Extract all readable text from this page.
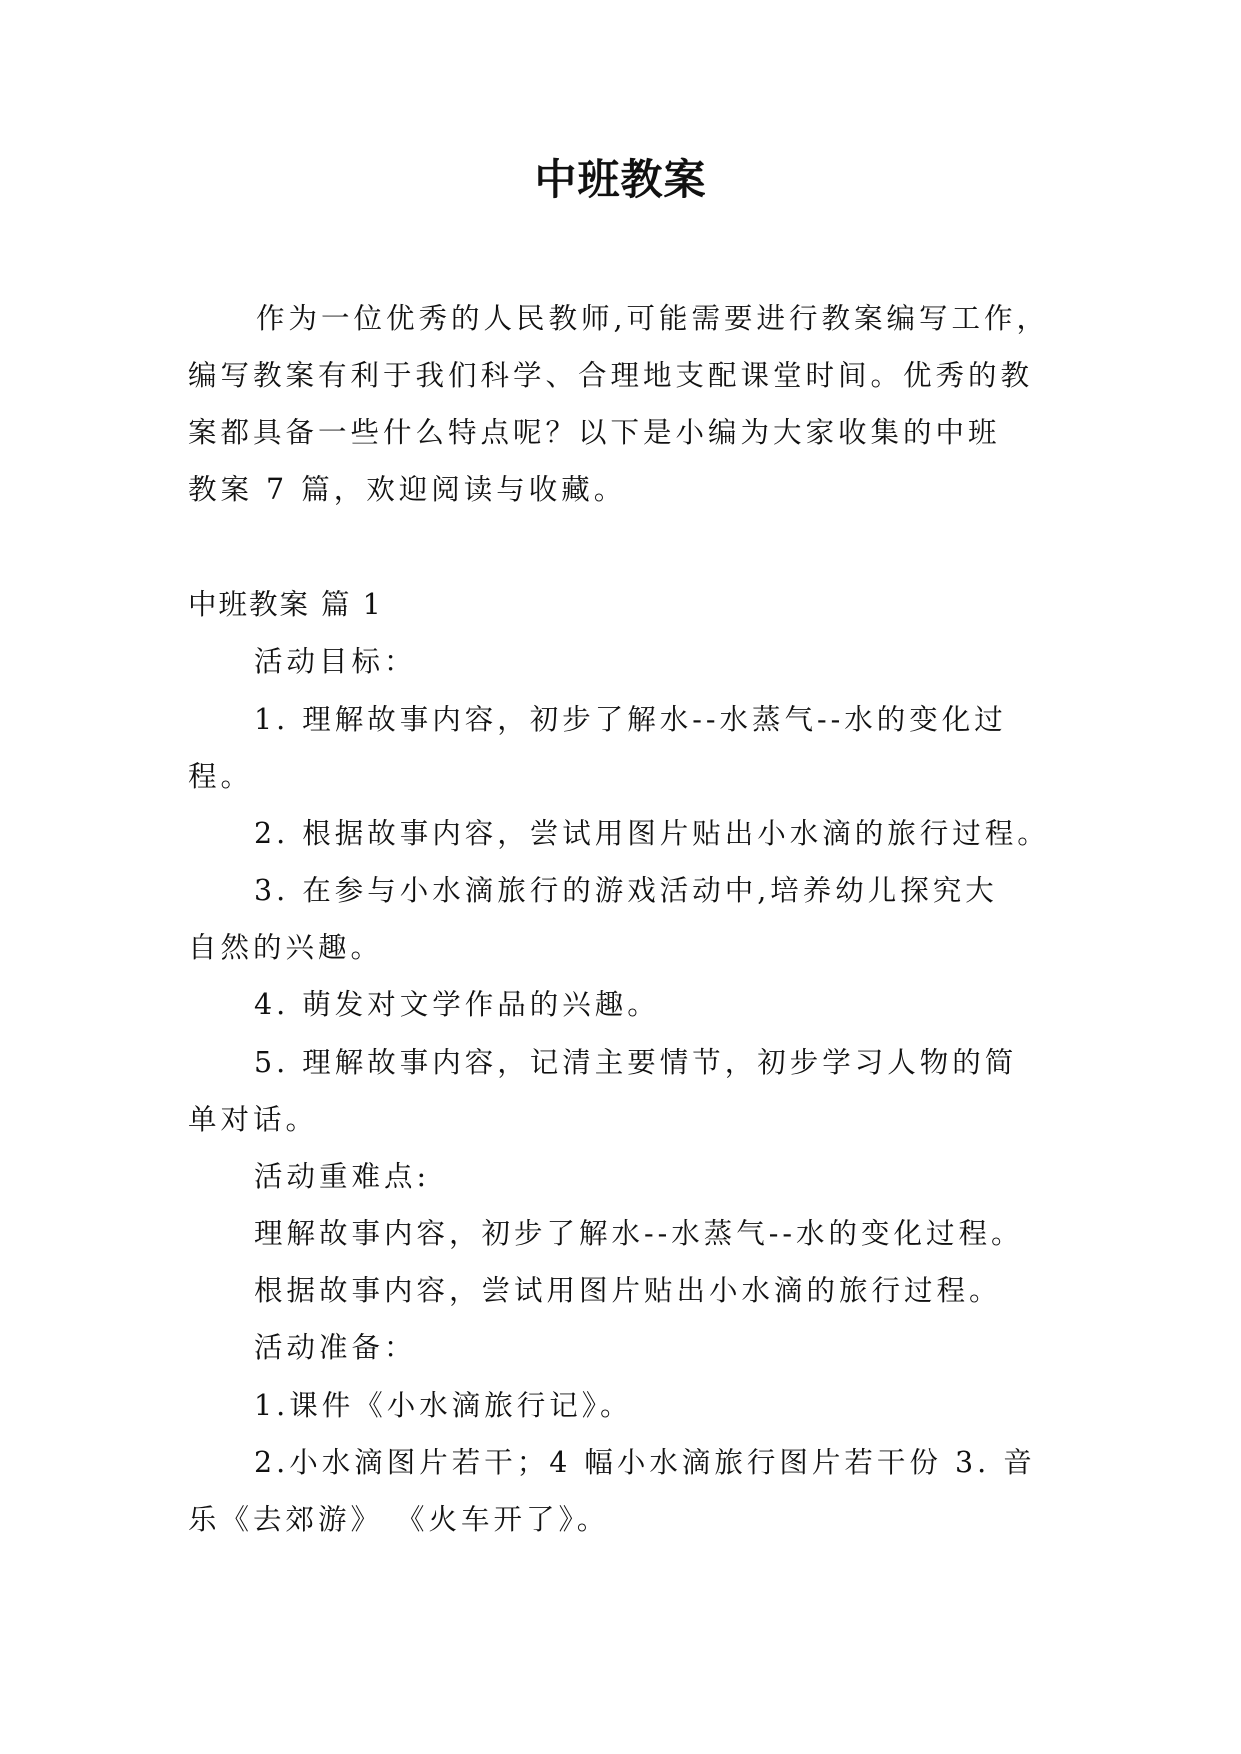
中班教案
作为一位优秀的人民教师,可能需要进行教案编写工作，
编写教案有利于我们科学、合理地支配课堂时间。优秀的教
案都具备一些什么特点呢？以下是小编为大家收集的中班
教案 7 篇，欢迎阅读与收藏。
中班教案 篇 1
活动目标：
1. 理解故事内容，初步了解水--水蒸气--水的变化过
程。
2. 根据故事内容，尝试用图片贴出小水滴的旅行过程。
3. 在参与小水滴旅行的游戏活动中,培养幼儿探究大
自然的兴趣。
4. 萌发对文学作品的兴趣。
5. 理解故事内容，记清主要情节，初步学习人物的简
单对话。
活动重难点:
理解故事内容，初步了解水--水蒸气--水的变化过程。
根据故事内容，尝试用图片贴出小水滴的旅行过程。
活动准备：
1.课件《小水滴旅行记》。
2.小水滴图片若干；4 幅小水滴旅行图片若干份 3. 音
乐《去郊游》 《火车开了》。
